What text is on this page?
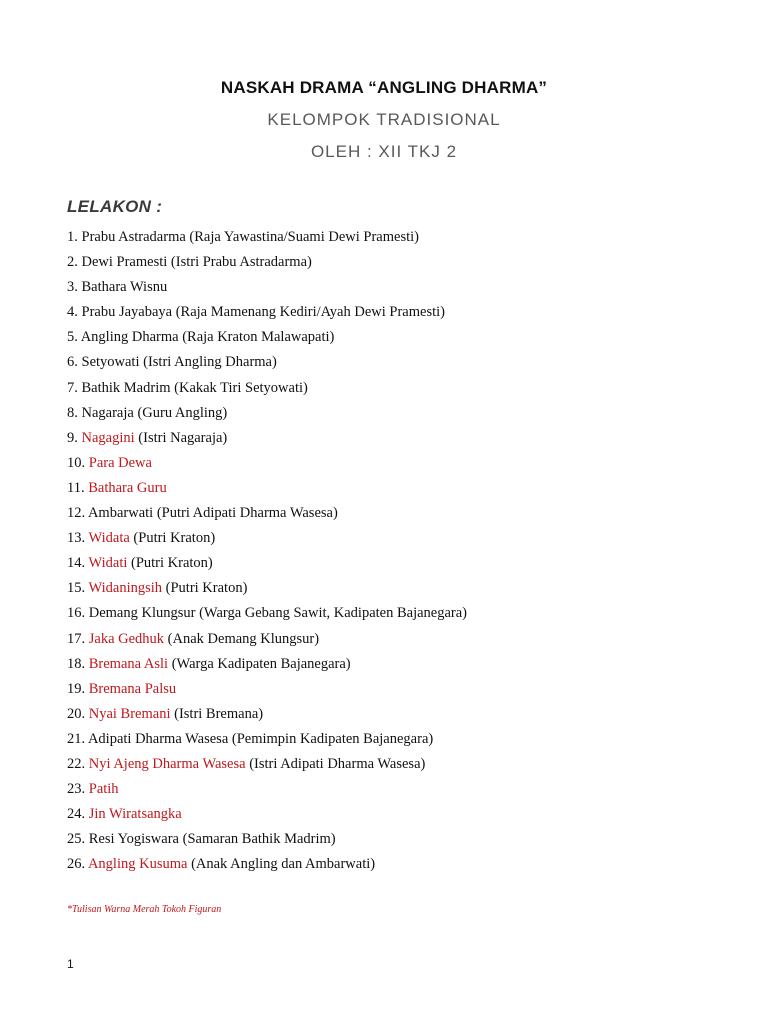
NASKAH DRAMA “ANGLING DHARMA”
KELOMPOK TRADISIONAL
OLEH : XII TKJ 2
LELAKON :
1. Prabu Astradarma (Raja Yawastina/Suami Dewi Pramesti)
2. Dewi Pramesti (Istri Prabu Astradarma)
3. Bathara Wisnu
4. Prabu Jayabaya (Raja Mamenang Kediri/Ayah Dewi Pramesti)
5. Angling Dharma (Raja Kraton Malawapati)
6. Setyowati (Istri Angling Dharma)
7. Bathik Madrim (Kakak Tiri Setyowati)
8. Nagaraja (Guru Angling)
9. Nagagini (Istri Nagaraja)
10. Para Dewa
11. Bathara Guru
12. Ambarwati (Putri Adipati Dharma Wasesa)
13. Widata (Putri Kraton)
14. Widati (Putri Kraton)
15. Widaningsih (Putri Kraton)
16. Demang Klungsur (Warga Gebang Sawit, Kadipaten Bajanegara)
17. Jaka Gedhuk (Anak Demang Klungsur)
18. Bremana Asli (Warga Kadipaten Bajanegara)
19. Bremana Palsu
20. Nyai Bremani (Istri Bremana)
21. Adipati Dharma Wasesa (Pemimpin Kadipaten Bajanegara)
22. Nyi Ajeng Dharma Wasesa (Istri Adipati Dharma Wasesa)
23. Patih
24. Jin Wiratsangka
25. Resi Yogiswara (Samaran Bathik Madrim)
26. Angling Kusuma (Anak Angling dan Ambarwati)
*Tulisan Warna Merah Tokoh Figuran
1
